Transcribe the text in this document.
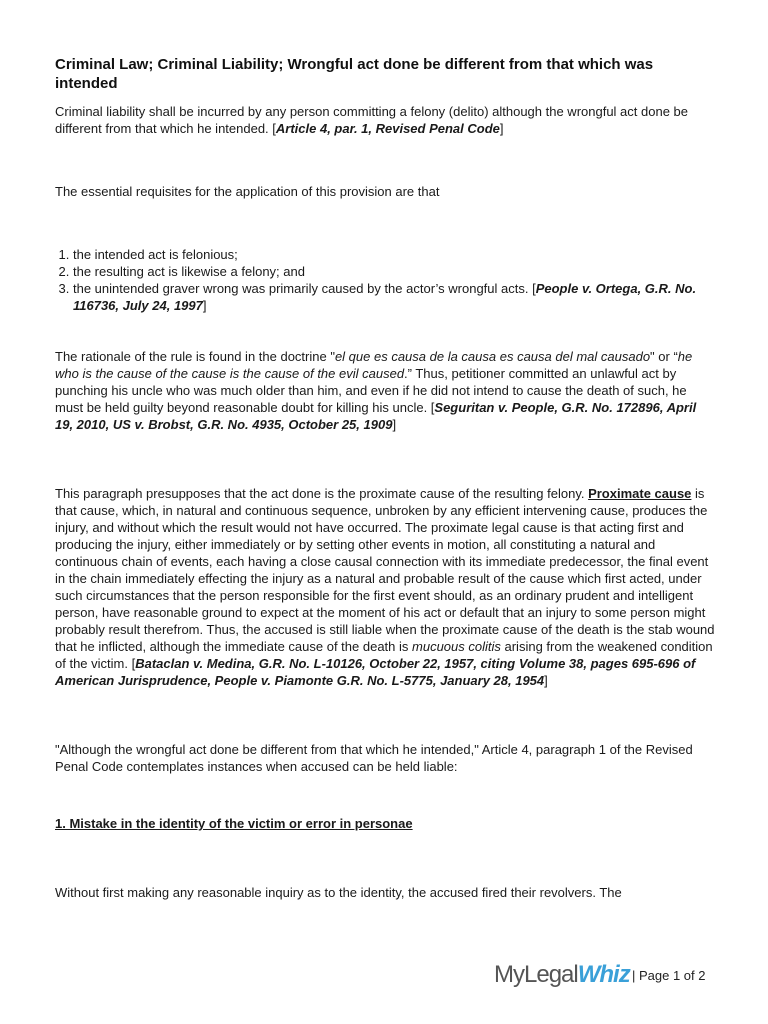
Criminal Law; Criminal Liability; Wrongful act done be different from that which was intended

Criminal liability shall be incurred by any person committing a felony (delito) although the wrongful act done be different from that which he intended. [Article 4, par. 1, Revised Penal Code]

The essential requisites for the application of this provision are that

1. the intended act is felonious;
2. the resulting act is likewise a felony; and
3. the unintended graver wrong was primarily caused by the actor’s wrongful acts. [People v. Ortega, G.R. No. 116736, July 24, 1997]

The rationale of the rule is found in the doctrine "el que es causa de la causa es causa del mal causado" or “he who is the cause of the cause is the cause of the evil caused.” Thus, petitioner committed an unlawful act by punching his uncle who was much older than him, and even if he did not intend to cause the death of such, he must be held guilty beyond reasonable doubt for killing his uncle. [Seguritan v. People, G.R. No. 172896, April 19, 2010, US v. Brobst, G.R. No. 4935, October 25, 1909]

This paragraph presupposes that the act done is the proximate cause of the resulting felony. Proximate cause is that cause, which, in natural and continuous sequence, unbroken by any efficient intervening cause, produces the injury, and without which the result would not have occurred. The proximate legal cause is that acting first and producing the injury, either immediately or by setting other events in motion, all constituting a natural and continuous chain of events, each having a close causal connection with its immediate predecessor, the final event in the chain immediately effecting the injury as a natural and probable result of the cause which first acted, under such circumstances that the person responsible for the first event should, as an ordinary prudent and intelligent person, have reasonable ground to expect at the moment of his act or default that an injury to some person might probably result therefrom. Thus, the accused is still liable when the proximate cause of the death is the stab wound that he inflicted, although the immediate cause of the death is mucuous colitis arising from the weakened condition of the victim. [Bataclan v. Medina, G.R. No. L-10126, October 22, 1957, citing Volume 38, pages 695-696 of American Jurisprudence, People v. Piamonte G.R. No. L-5775, January 28, 1954]

"Although the wrongful act done be different from that which he intended," Article 4, paragraph 1 of the Revised Penal Code contemplates instances when accused can be held liable:

1. Mistake in the identity of the victim or error in personae

Without first making any reasonable inquiry as to the identity, the accused fired their revolvers. The

MyLegalWhiz | Page 1 of 2
